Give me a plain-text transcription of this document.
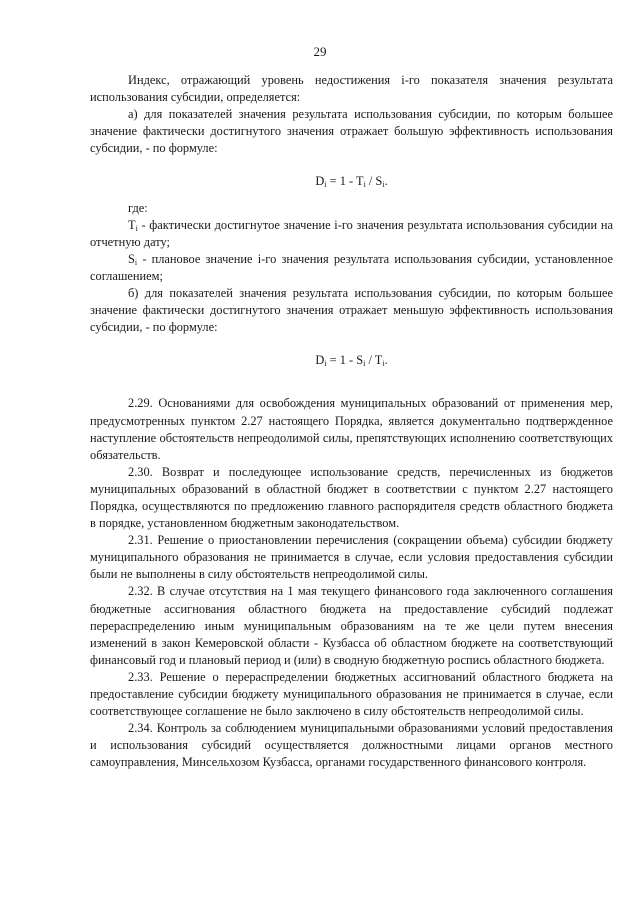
29

Индекс, отражающий уровень недостижения i-го показателя значения результата использования субсидии, определяется:

а) для показателей значения результата использования субсидии, по которым большее значение фактически достигнутого значения отражает большую эффективность использования субсидии, - по формуле:

$D_i = 1 - T_i / S_i$.

где:

$T_i$ - фактически достигнутое значение i-го значения результата использования субсидии на отчетную дату;

$S_i$ - плановое значение i-го значения результата использования субсидии, установленное соглашением;

б) для показателей значения результата использования субсидии, по которым большее значение фактически достигнутого значения отражает меньшую эффективность использования субсидии, - по формуле:

$D_i = 1 - S_i / T_i$.

2.29. Основаниями для освобождения муниципальных образований от применения мер, предусмотренных пунктом 2.27 настоящего Порядка, является документально подтвержденное наступление обстоятельств непреодолимой силы, препятствующих исполнению соответствующих обязательств.

2.30. Возврат и последующее использование средств, перечисленных из бюджетов муниципальных образований в областной бюджет в соответствии с пунктом 2.27 настоящего Порядка, осуществляются по предложению главного распорядителя средств областного бюджета в порядке, установленном бюджетным законодательством.

2.31. Решение о приостановлении перечисления (сокращении объема) субсидии бюджету муниципального образования не принимается в случае, если условия предоставления субсидии были не выполнены в силу обстоятельств непреодолимой силы.

2.32. В случае отсутствия на 1 мая текущего финансового года заключенного соглашения бюджетные ассигнования областного бюджета на предоставление субсидий подлежат перераспределению иным муниципальным образованиям на те же цели путем внесения изменений в закон Кемеровской области - Кузбасса об областном бюджете на соответствующий финансовый год и плановый период и (или) в сводную бюджетную роспись областного бюджета.

2.33. Решение о перераспределении бюджетных ассигнований областного бюджета на предоставление субсидии бюджету муниципального образования не принимается в случае, если соответствующее соглашение не было заключено в силу обстоятельств непреодолимой силы.

2.34. Контроль за соблюдением муниципальными образованиями условий предоставления и использования субсидий осуществляется должностными лицами органов местного самоуправления, Минсельхозом Кузбасса, органами государственного финансового контроля.
